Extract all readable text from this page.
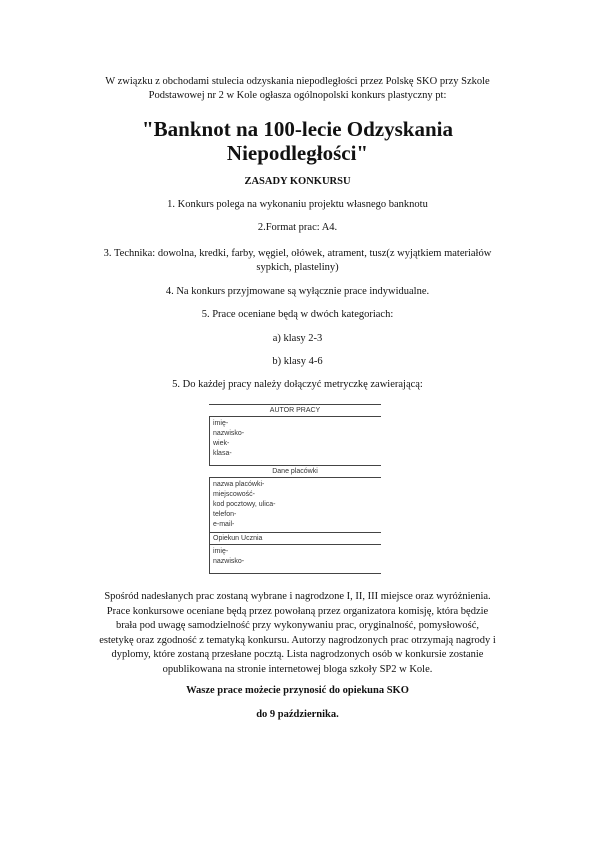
W związku z obchodami stulecia odzyskania niepodległości przez Polskę SKO przy Szkole
Podstawowej nr 2 w Kole ogłasza ogólnopolski konkurs plastyczny pt:
"Banknot na 100-lecie Odzyskania
Niepodległości"
ZASADY KONKURSU
1. Konkurs polega na wykonaniu projektu własnego banknotu
2.Format prac: A4.
3. Technika: dowolna, kredki, farby, węgiel, ołówek, atrament, tusz(z wyjątkiem materiałów
sypkich, plasteliny)
4. Na konkurs przyjmowane są wyłącznie prace indywidualne.
5. Prace oceniane będą w dwóch kategoriach:
a) klasy 2-3
b) klasy 4-6
5. Do każdej pracy należy dołączyć metryczkę zawierającą:
AUTOR PRACY
imię-
nazwisko-
wiek-
klasa-
Dane placówki
nazwa placówki-
miejscowość-
kod pocztowy, ulica-
telefon-
e-mail-
Opiekun Ucznia
imię-
nazwisko-
Spośród nadesłanych prac zostaną wybrane i nagrodzone I, II, III miejsce oraz wyróżnienia.
Prace konkursowe oceniane będą przez powołaną przez organizatora komisję, która będzie
brała pod uwagę samodzielność przy wykonywaniu prac, oryginalność, pomysłowość,
estetykę oraz zgodność z tematyką konkursu. Autorzy nagrodzonych prac otrzymają nagrody i
dyplomy, które zostaną przesłane pocztą. Lista nagrodzonych osób w konkursie zostanie
opublikowana na stronie internetowej bloga szkoły SP2 w Kole.
Wasze prace możecie przynosić do opiekuna SKO
do 9 października.
